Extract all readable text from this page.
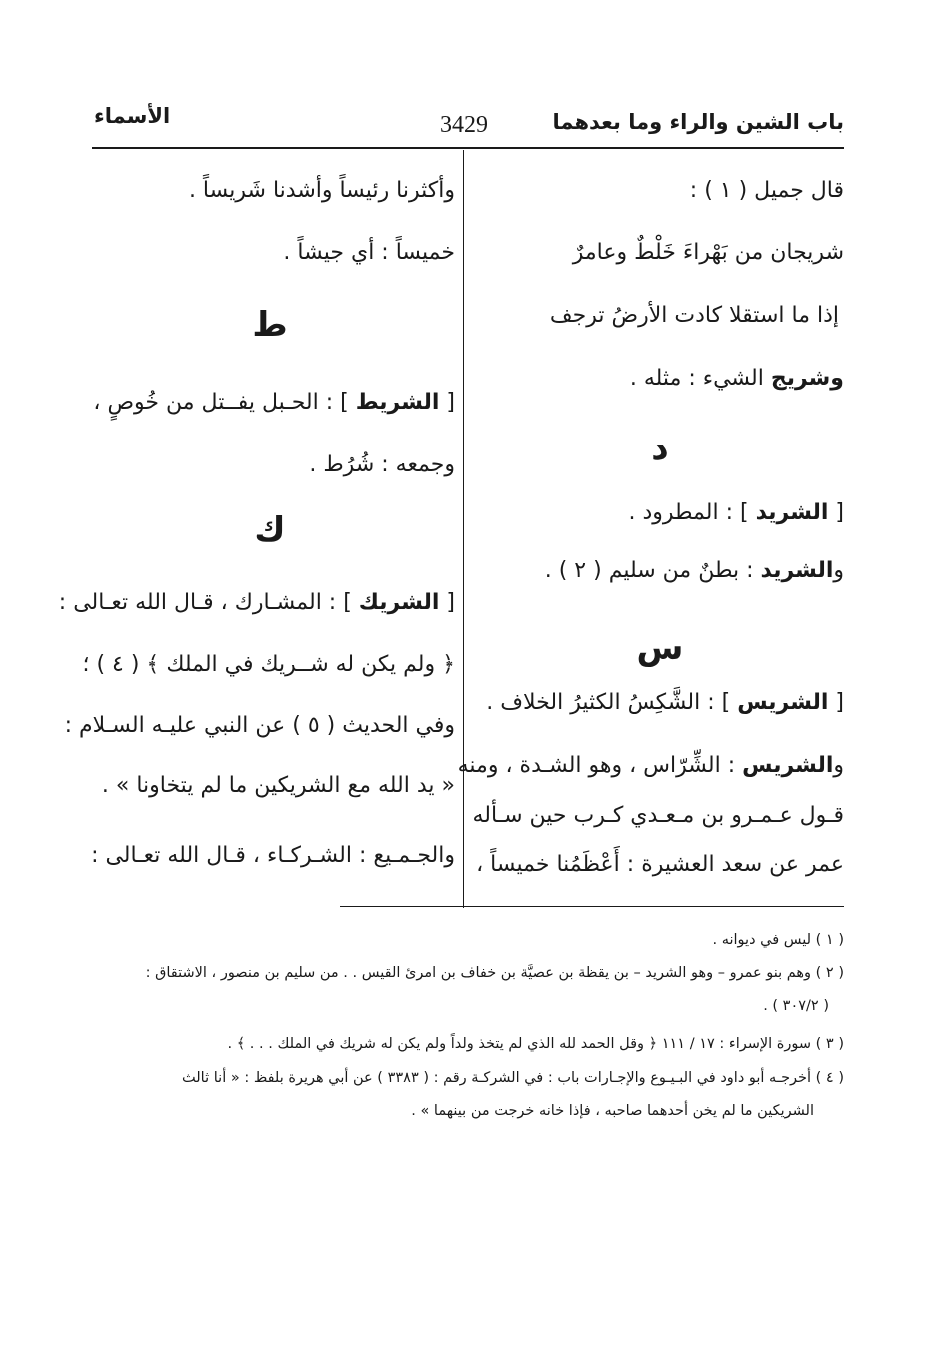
باب الشين والراء وما بعدهما
3429
الأسماء
قال جميل ( ١ ) :
شريجان من بَهْراءَ خَلْطٌ وعامرٌ
إذا ما استقلا كادت الأرضُ ترجف
وشريج الشيء : مثله .
د
[ الشريد ] : المطرود .
والشريد : بطنٌ من سليم ( ٢ ) .
س
[ الشريس ] : الشَّكِسُ الكثيرُ الخلاف .
والشريس : الشِّرّاس ، وهو الشـدة ، ومنه
قـول عـمـرو بن مـعـدي كـرب حين سـأله
عمر عن سعد العشيرة : أَعْظَمُنا خميساً ،
وأكثرنا رئيساً وأشدنا شَريساً .
خميساً : أي جيشاً .
ط
[ الشريط ] : الحـبل يفــتل من خُوصٍ ،
وجمعه : شُرُط .
ك
[ الشريك ] : المشـارك ، قـال الله تعـالى :
﴿ ولم يكن له شــريك في الملك ﴾ ( ٤ ) ؛
وفي الحديث ( ٥ ) عن النبي عليـه السـلام :
« يد الله مع الشريكين ما لم يتخاونا » .
والجـمـيع : الشـركـاء ، قـال الله تعـالى :
( ١ ) ليس في ديوانه .
( ٢ ) وهم بنو عمرو – وهو الشريد – بن يقظة بن عصيَّة بن خفاف بن امرئ القيس . . من سليم بن منصور ، الاشتقاق :
( ٣٠٧/٢ ) .
( ٣ ) سورة الإسراء : ١٧ / ١١١ ﴿ وقل الحمد لله الذي لم يتخذ ولداً ولم يكن له شريك في الملك . . . ﴾ .
( ٤ ) أخرجـه أبو داود في البـيـوع والإجـارات باب : في الشركـة رقم : ( ٣٣٨٣ ) عن أبي هريرة بلفظ : « أنا ثالث
الشريكين ما لم يخن أحدهما صاحبه ، فإذا خانه خرجت من بينهما » .
